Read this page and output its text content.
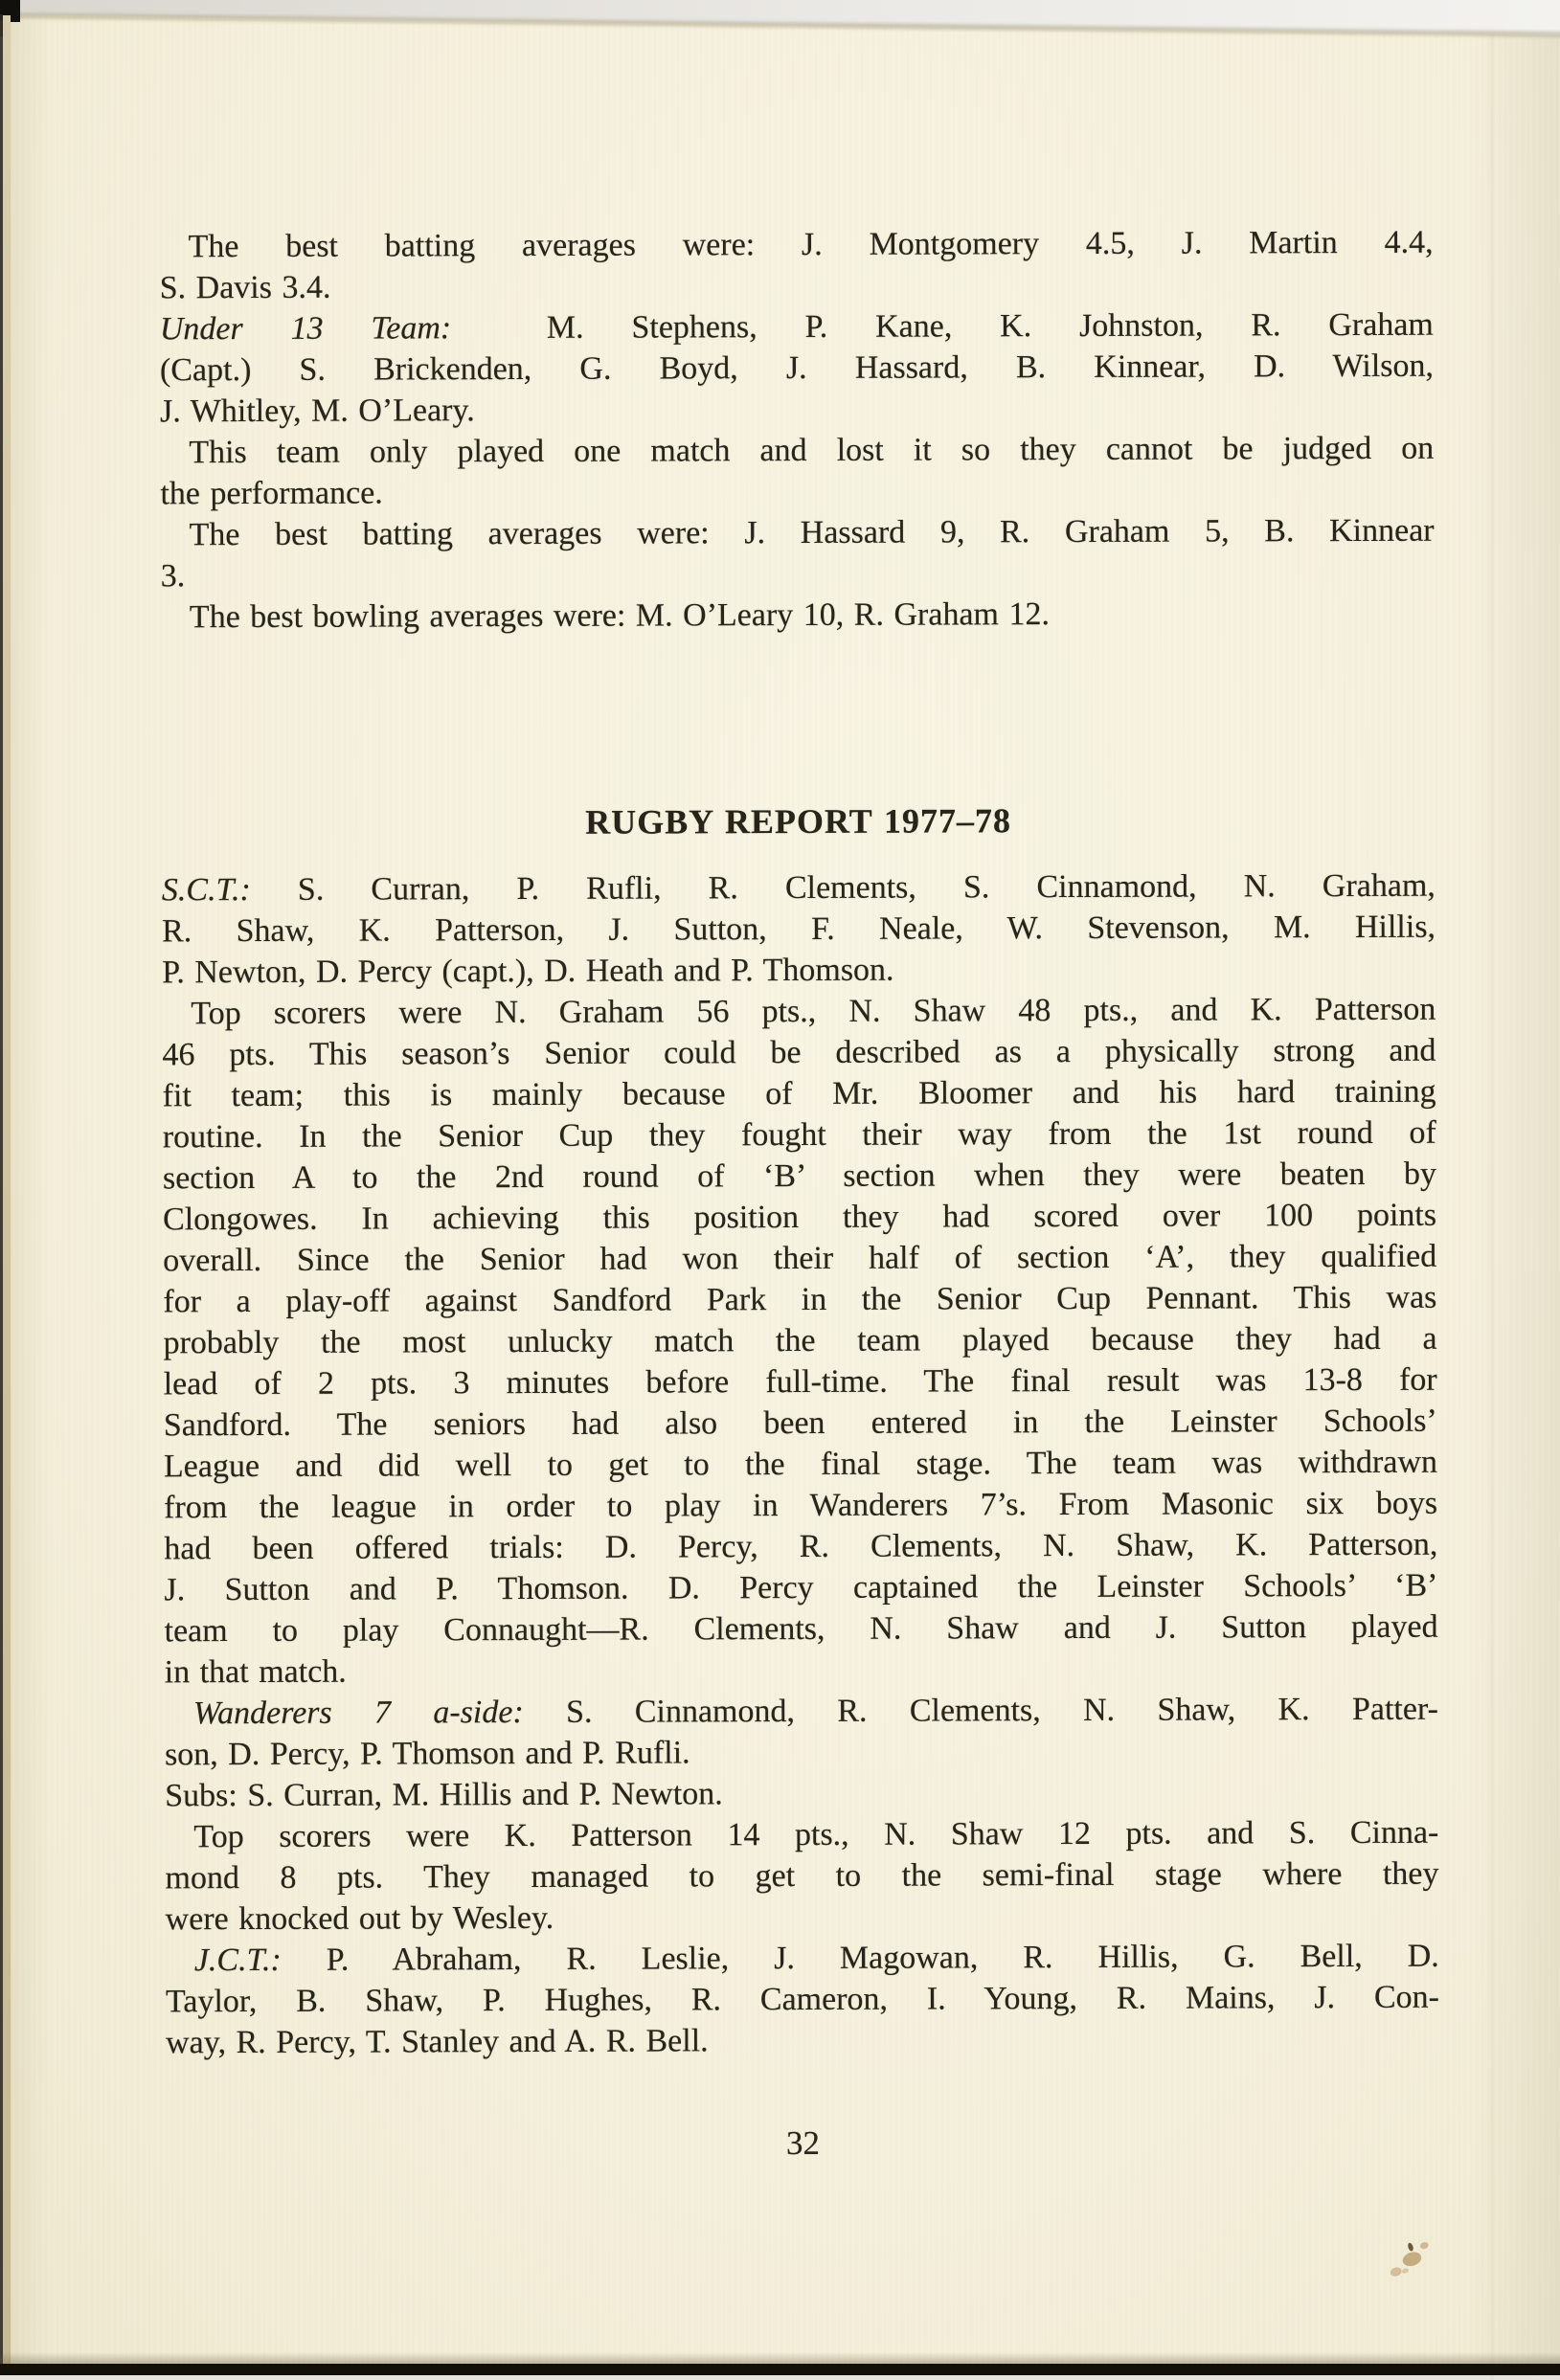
The best batting averages were: J. Montgomery 4.5, J. Martin 4.4,
S. Davis 3.4.
Under 13 Team:  M. Stephens, P. Kane, K. Johnston, R. Graham
(Capt.) S. Brickenden, G. Boyd, J. Hassard, B. Kinnear, D. Wilson,
J. Whitley, M. O’Leary.
This team only played one match and lost it so they cannot be judged on
the performance.
The best batting averages were: J. Hassard 9, R. Graham 5, B. Kinnear
3.
The best bowling averages were: M. O’Leary 10, R. Graham 12.
RUGBY REPORT 1977–78
S.C.T.: S. Curran, P. Rufli, R. Clements, S. Cinnamond, N. Graham,
R. Shaw, K. Patterson, J. Sutton, F. Neale, W. Stevenson, M. Hillis,
P. Newton, D. Percy (capt.), D. Heath and P. Thomson.
Top scorers were N. Graham 56 pts., N. Shaw 48 pts., and K. Patterson
46 pts. This season’s Senior could be described as a physically strong and
fit team; this is mainly because of Mr. Bloomer and his hard training
routine. In the Senior Cup they fought their way from the 1st round of
section A to the 2nd round of ‘B’ section when they were beaten by
Clongowes. In achieving this position they had scored over 100 points
overall. Since the Senior had won their half of section ‘A’, they qualified
for a play-off against Sandford Park in the Senior Cup Pennant. This was
probably the most unlucky match the team played because they had a
lead of 2 pts. 3 minutes before full-time. The final result was 13-8 for
Sandford. The seniors had also been entered in the Leinster Schools’
League and did well to get to the final stage. The team was withdrawn
from the league in order to play in Wanderers 7’s. From Masonic six boys
had been offered trials: D. Percy, R. Clements, N. Shaw, K. Patterson,
J. Sutton and P. Thomson. D. Percy captained the Leinster Schools’ ‘B’
team to play Connaught—R. Clements, N. Shaw and J. Sutton played
in that match.
Wanderers 7 a-side: S. Cinnamond, R. Clements, N. Shaw, K. Patter-
son, D. Percy, P. Thomson and P. Rufli.
Subs: S. Curran, M. Hillis and P. Newton.
Top scorers were K. Patterson 14 pts., N. Shaw 12 pts. and S. Cinna-
mond 8 pts. They managed to get to the semi-final stage where they
were knocked out by Wesley.
J.C.T.: P. Abraham, R. Leslie, J. Magowan, R. Hillis, G. Bell, D.
Taylor, B. Shaw, P. Hughes, R. Cameron, I. Young, R. Mains, J. Con-
way, R. Percy, T. Stanley and A. R. Bell.
32
